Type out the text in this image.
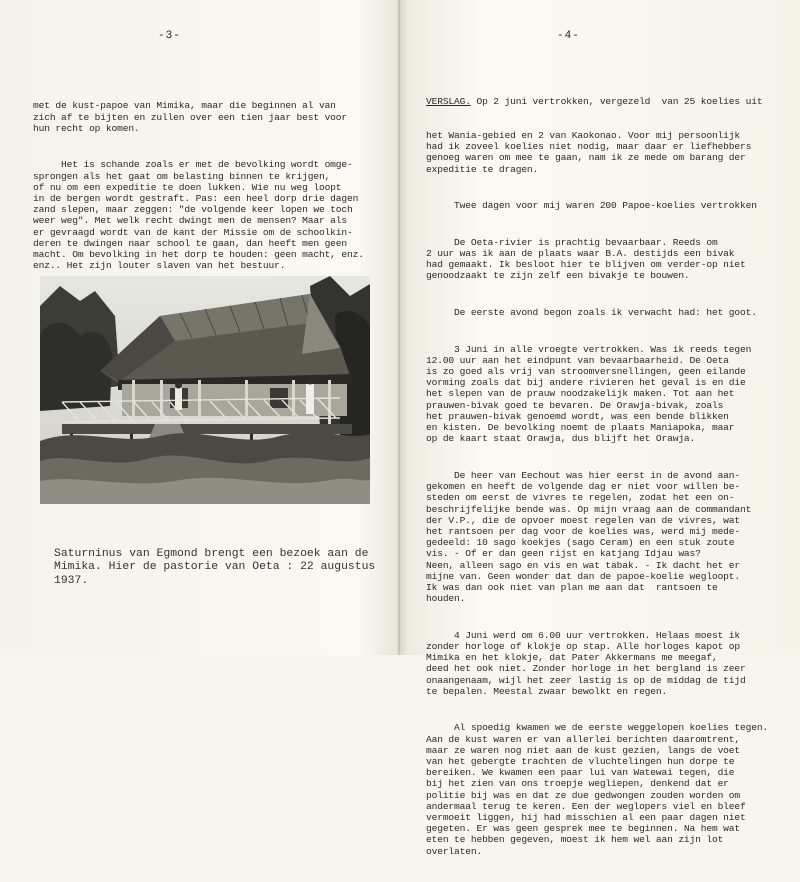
-3-

met de kust-papoe van Mimika, maar die beginnen al van
zich af te bijten en zullen over een tien jaar best voor
hun recht op komen.

Het is schande zoals er met de bevolking wordt omge-
sprongen als het gaat om belasting binnen te krijgen,
of nu om een expeditie te doen lukken. Wie nu weg loopt
in de bergen wordt gestraft. Pas: een heel dorp drie dagen
zand slepen, maar zeggen: "de volgende keer lopen we toch
weer weg". Met welk recht dwingt men de mensen? Maar als
er gevraagd wordt van de kant der Missie om de schoolkin-
deren te dwingen naar school te gaan, dan heeft men geen
macht. Om bevolking in het dorp te houden: geen macht, enz.
enz.. Het zijn louter slaven van het bestuur.

Saturninus van Egmond brengt een bezoek aan de
Mimika. Hier de pastorie van Oeta : 22 augustus
1937.
-4-

VERSLAG. Op 2 juni vertrokken, vergezeld  van 25 koelies uit

het Wania-gebied en 2 van Kaokonao. Voor mij persoonlijk
had ik zoveel koelies niet nodig, maar daar er liefhebbers
genoeg waren om mee te gaan, nam ik ze mede om barang der
expeditie te dragen.

Twee dagen voor mij waren 200 Papoe-koelies vertrokken

De Oeta-rivier is prachtig bevaarbaar. Reeds om
2 uur was ik aan de plaats waar B.A. destijds een bivak
had gemaakt. Ik besloot hier te blijven om verder-op niet
genoodzaakt te zijn zelf een bivakje te bouwen.

De eerste avond begon zoals ik verwacht had: het goot.

3 Juni in alle vroegte vertrokken. Was ik reeds tegen
12.00 uur aan het eindpunt van bevaarbaarheid. De Oeta
is zo goed als vrij van stroomversnellingen, geen eilande
vorming zoals dat bij andere rivieren het geval is en die
het slepen van de prauw noodzakelijk maken. Tot aan het
prauwen-bivak goed te bevaren. De Orawja-bivak, zoals
het prauwen-bivak genoemd wordt, was een bende blikken
en kisten. De bevolking noemt de plaats Maniapoka, maar
op de kaart staat Orawja, dus blijft het Orawja.

De heer van Eechout was hier eerst in de avond aan-
gekomen en heeft de volgende dag er niet voor willen be-
steden om eerst de vivres te regelen, zodat het een on-
beschrijfelijke bende was. Op mijn vraag aan de commandant
der V.P., die de opvoer moest regelen van de vivres, wat
het rantsoen per dag voor de koelies was, werd mij mede-
gedeeld: 10 sago koekjes (sago Ceram) en een stuk zoute
vis. - Of er dan geen rijst en katjang Idjau was?
Neen, alleen sago en vis en wat tabak. - Ik dacht het er
mijne van. Geen wonder dat dan de papoe-koelie wegloopt.
Ik was dan ook niet van plan me aan dat  rantsoen te
houden.

4 Juni werd om 6.00 uur vertrokken. Helaas moest ik
zonder horloge of klokje op stap. Alle horloges kapot op
Mimika en het klokje, dat Pater Akkermans me meegaf,
deed het ook niet. Zonder horloge in het bergland is zeer
onaangenaam, wijl het zeer lastig is op de middag de tijd
te bepalen. Meestal zwaar bewolkt en regen.

Al spoedig kwamen we de eerste weggelopen koelies tegen.
Aan de kust waren er van allerlei berichten daaromtrent,
maar ze waren nog niet aan de kust gezien, langs de voet
van het gebergte trachten de vluchtelingen hun dorpe te
bereiken. We kwamen een paar lui van Watewai tegen, die
bij het zien van ons troepje wegliepen, denkend dat er
politie bij was en dat ze due gedwongen zouden worden om
andermaal terug te keren. Een der weglopers viel en bleef
vermoeit liggen, hij had misschien al een paar dagen niet
gegeten. Er was geen gesprek mee te beginnen. Na hem wat
eten te hebben gegeven, moest ik hem wel aan zijn lot
overlaten.
